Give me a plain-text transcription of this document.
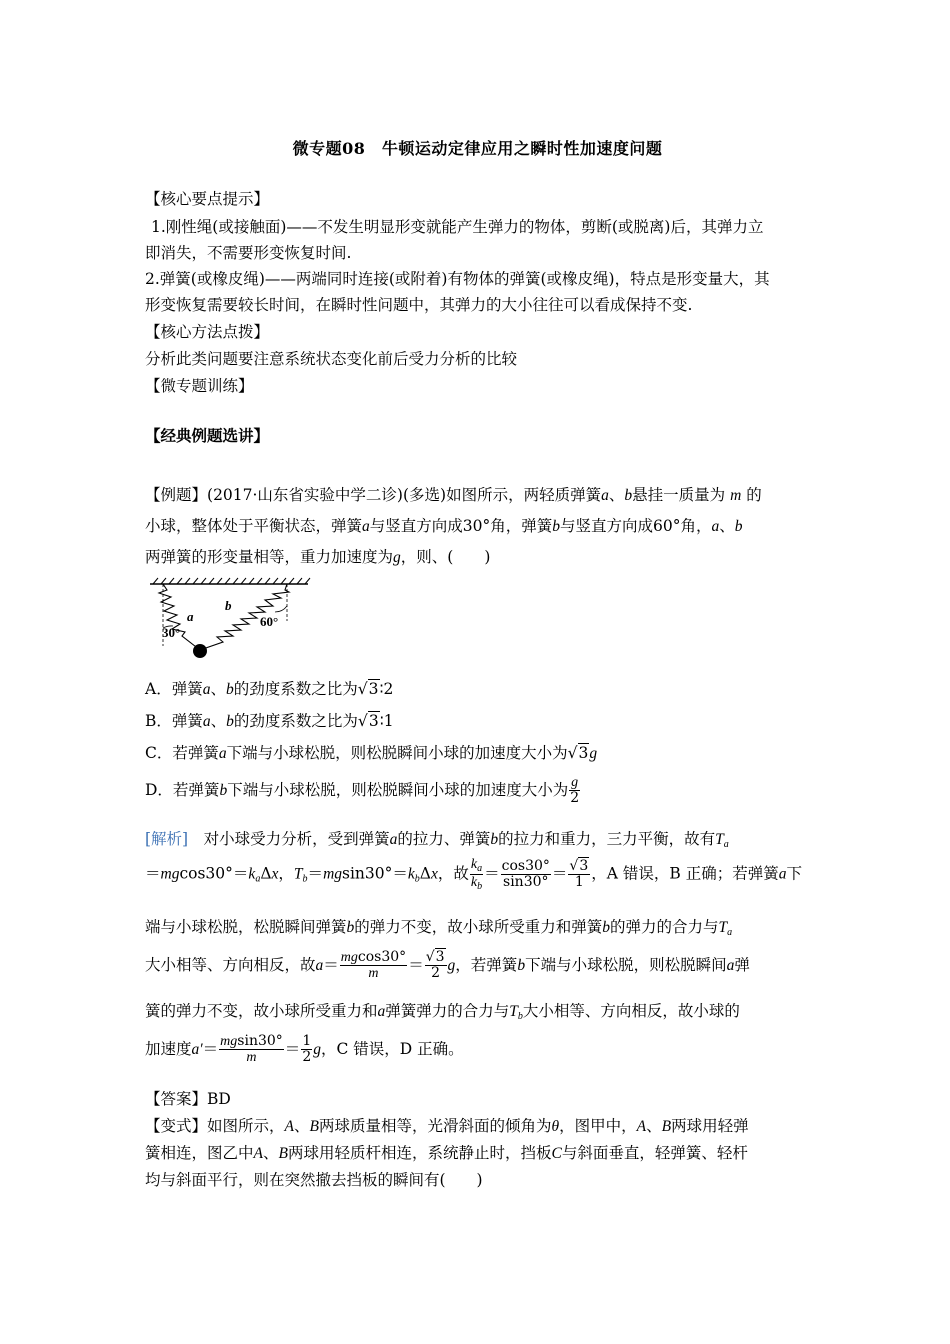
微专题08　牛顿运动定律应用之瞬时性加速度问题
【核心要点提示】
1.刚性绳(或接触面)——不发生明显形变就能产生弹力的物体，剪断(或脱离)后，其弹力立
即消失，不需要形变恢复时间.
2.弹簧(或橡皮绳)——两端同时连接(或附着)有物体的弹簧(或橡皮绳)，特点是形变量大，其
形变恢复需要较长时间，在瞬时性问题中，其弹力的大小往往可以看成保持不变.
【核心方法点拨】
分析此类问题要注意系统状态变化前后受力分析的比较
【微专题训练】
【经典例题选讲】
【例题】(2017·山东省实验中学二诊)(多选)如图所示，两轻质弹簧a、b悬挂一质量为 m 的
小球，整体处于平衡状态，弹簧a与竖直方向成30°角，弹簧b与竖直方向成60°角，a、b
两弹簧的形变量相等，重力加速度为g，则、(　　)
a
b
30°
60°
A．弹簧a、b的劲度系数之比为√3∶2
B．弹簧a、b的劲度系数之比为√3∶1
C．若弹簧a下端与小球松脱，则松脱瞬间小球的加速度大小为√3g
D．若弹簧b下端与小球松脱，则松脱瞬间小球的加速度大小为 $\frac{g}{2}$
[解析]　对小球受力分析，受到弹簧a的拉力、弹簧b的拉力和重力，三力平衡，故有$T_a$
$=mgcos30^\circ=k_a\Delta x$，$T_b=mgsin30^\circ=k_b\Delta x$，故 $\frac{k_a}{k_b} = \frac{\cos 30^\circ}{\sin 30^\circ} = \frac{√3}{1}$ ，A 错误，B 正确；若弹簧a下
端与小球松脱，松脱瞬间弹簧b的弹力不变，故小球所受重力和弹簧b的弹力的合力与$T_a$
大小相等、方向相反，故$a= \frac{mgcos30^\circ}{m} = \frac{√3}{2}$ g，若弹簧b下端与小球松脱，则松脱瞬间a弹
簧的弹力不变，故小球所受重力和a弹簧弹力的合力与$T_b$大小相等、方向相反，故小球的
加速度$a'= \frac{mgsin30^\circ}{m} = \frac{1}{2}$ g，C 错误，D 正确。
【答案】BD
【变式】如图所示，A、B两球质量相等，光滑斜面的倾角为θ，图甲中，A、B两球用轻弹
簧相连，图乙中A、B两球用轻质杆相连，系统静止时，挡板C与斜面垂直，轻弹簧、轻杆
均与斜面平行，则在突然撤去挡板的瞬间有(　　)
